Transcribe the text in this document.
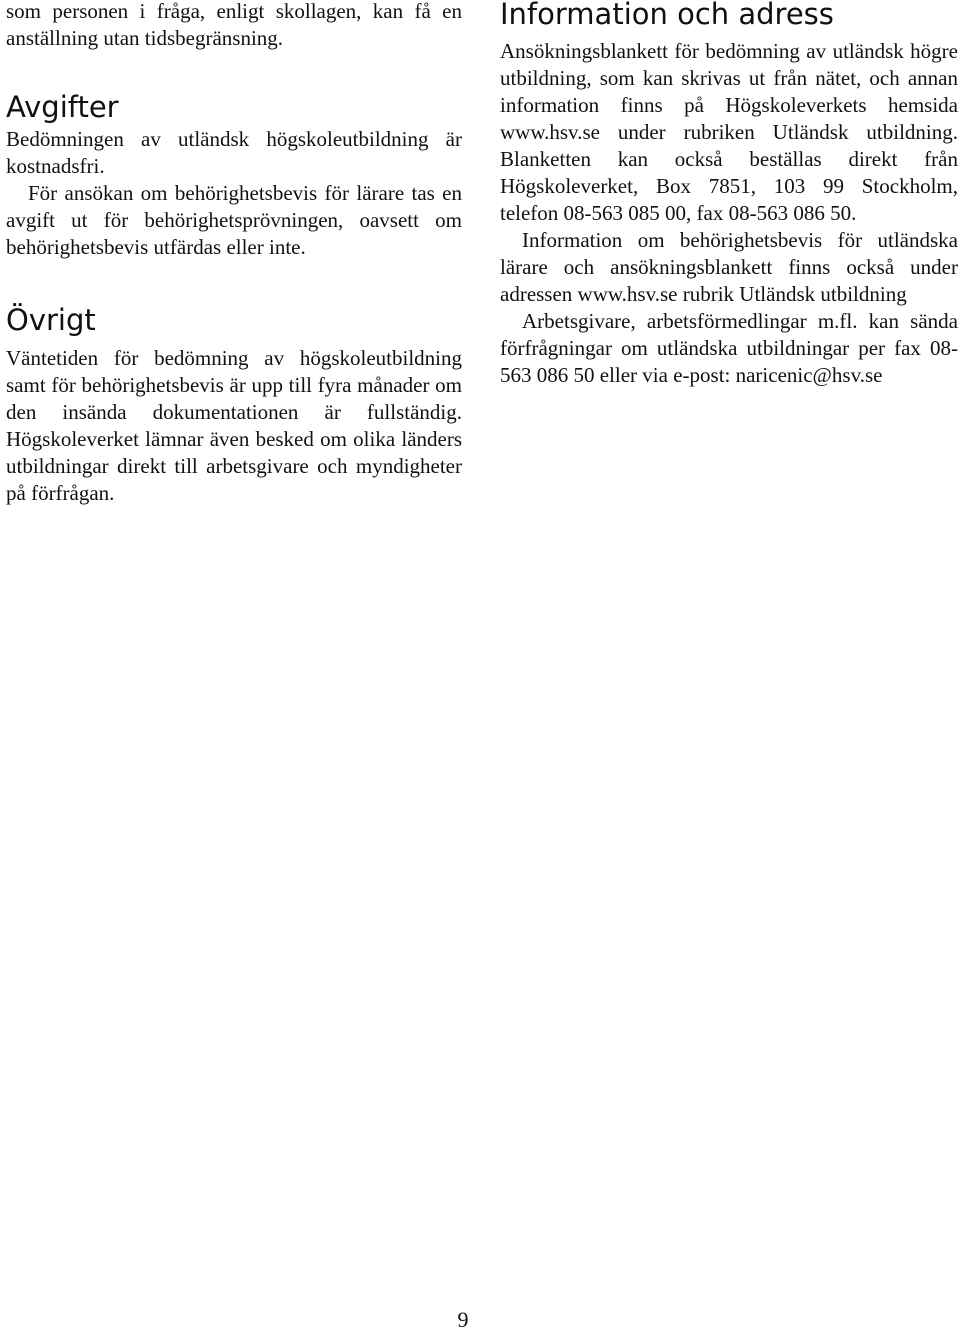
som personen i fråga, enligt skollagen, kan få en anställning utan tidsbegränsning.

Avgifter

Bedömningen av utländsk högskoleutbildning är kostnadsfri.

För ansökan om behörighetsbevis för lärare tas en avgift ut för behörighetsprövningen, oavsett om behörighetsbevis utfärdas eller inte.

Övrigt

Väntetiden för bedömning av högskoleutbildning samt för behörighetsbevis är upp till fyra månader om den insända dokumentationen är fullständig. Högskoleverket lämnar även besked om olika länders utbildningar direkt till arbetsgivare och myndigheter på förfrågan.

Information och adress

Ansökningsblankett för bedömning av utländsk högre utbildning, som kan skrivas ut från nätet, och annan information finns på Högskoleverkets hemsida www.hsv.se under rubriken Utländsk utbildning. Blanketten kan också beställas direkt från Högskoleverket, Box 7851, 103 99 Stockholm, telefon 08-563 085 00, fax 08-563 086 50.

Information om behörighetsbevis för utländska lärare och ansökningsblankett finns också under adressen www.hsv.se rubrik Utländsk utbildning

Arbetsgivare, arbetsförmedlingar m.fl. kan sända förfrågningar om utländska utbildningar per fax 08-563 086 50 eller via e-post: naricenic@hsv.se

9
